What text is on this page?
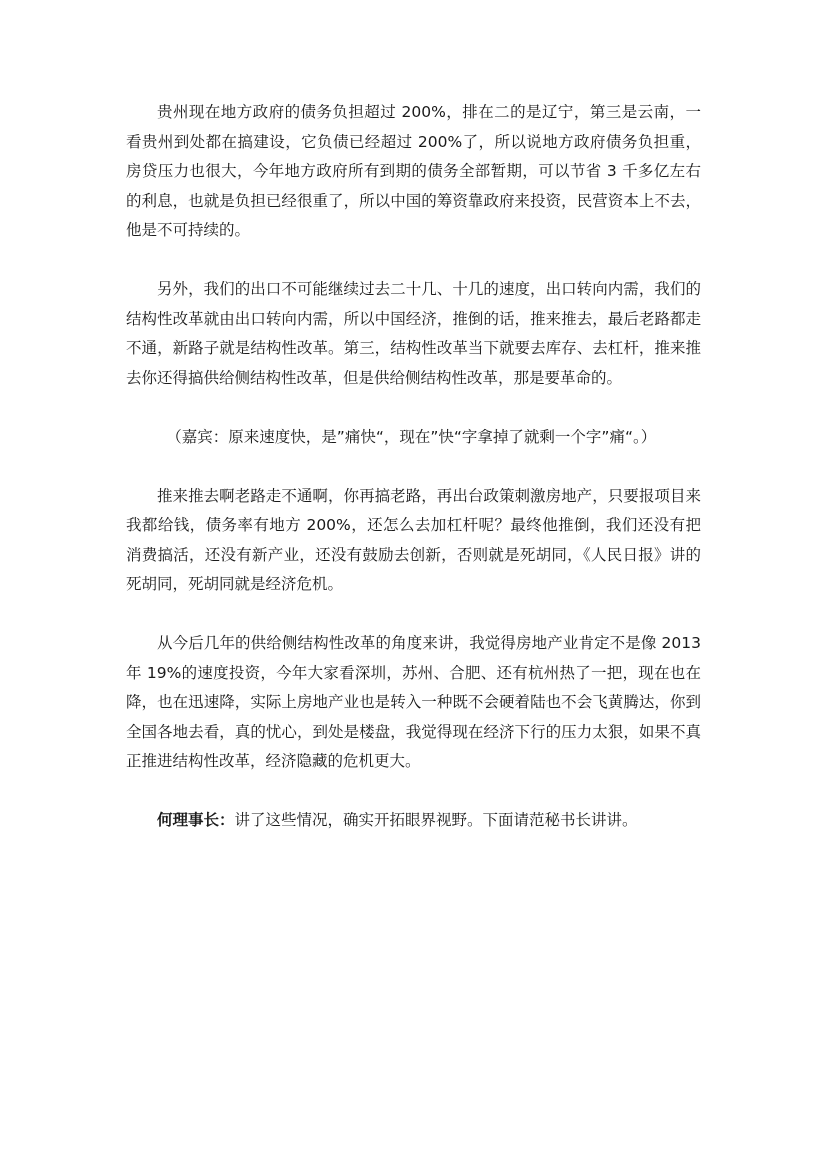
贵州现在地方政府的债务负担超过 200%，排在二的是辽宁，第三是云南，一看贵州到处都在搞建设，它负债已经超过 200%了，所以说地方政府债务负担重，房贷压力也很大，今年地方政府所有到期的债务全部暂期，可以节省 3 千多亿左右的利息，也就是负担已经很重了，所以中国的筹资靠政府来投资，民营资本上不去，他是不可持续的。

另外，我们的出口不可能继续过去二十几、十几的速度，出口转向内需，我们的结构性改革就由出口转向内需，所以中国经济，推倒的话，推来推去，最后老路都走不通，新路子就是结构性改革。第三，结构性改革当下就要去库存、去杠杆，推来推去你还得搞供给侧结构性改革，但是供给侧结构性改革，那是要革命的。

（嘉宾：原来速度快，是”痛快“，现在”快“字拿掉了就剩一个字”痛“。）

推来推去啊老路走不通啊，你再搞老路，再出台政策刺激房地产，只要报项目来我都给钱，债务率有地方 200%，还怎么去加杠杆呢？最终他推倒，我们还没有把消费搞活，还没有新产业，还没有鼓励去创新，否则就是死胡同，《人民日报》讲的死胡同，死胡同就是经济危机。

从今后几年的供给侧结构性改革的角度来讲，我觉得房地产业肯定不是像 2013 年 19%的速度投资，今年大家看深圳，苏州、合肥、还有杭州热了一把，现在也在降，也在迅速降，实际上房地产业也是转入一种既不会硬着陆也不会飞黄腾达，你到全国各地去看，真的忧心，到处是楼盘，我觉得现在经济下行的压力太狠，如果不真正推进结构性改革，经济隐藏的危机更大。

何理事长：讲了这些情况，确实开拓眼界视野。下面请范秘书长讲讲。
